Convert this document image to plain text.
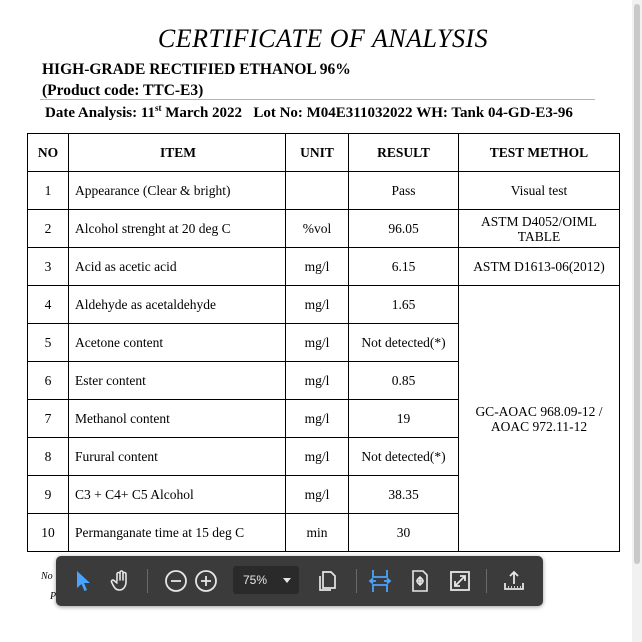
CERTIFICATE OF ANALYSIS
HIGH-GRADE RECTIFIED ETHANOL 96%
(Product code: TTC-E3)
Date Analysis: 11st March 2022 Lot No: M04E311032022 WH: Tank 04-GD-E3-96
NO	ITEM	UNIT	RESULT	TEST METHOL
1	Appearance (Clear & bright)		Pass	Visual test
2	Alcohol strenght at 20 deg C	%vol	96.05	ASTM D4052/OIML TABLE
3	Acid as acetic acid	mg/l	6.15	ASTM D1613-06(2012)
4	Aldehyde as acetaldehyde	mg/l	1.65	GC-AOAC 968.09-12 / AOAC 972.11-12
5	Acetone content	mg/l	Not detected(*)	
6	Ester content	mg/l	0.85	
7	Methanol content	mg/l	19	
8	Furural content	mg/l	Not detected(*)	
9	C3 + C4+ C5 Alcohol	mg/l	38.35	
10	Permanganate time at 15 deg C	min	30	
No
P
75%
